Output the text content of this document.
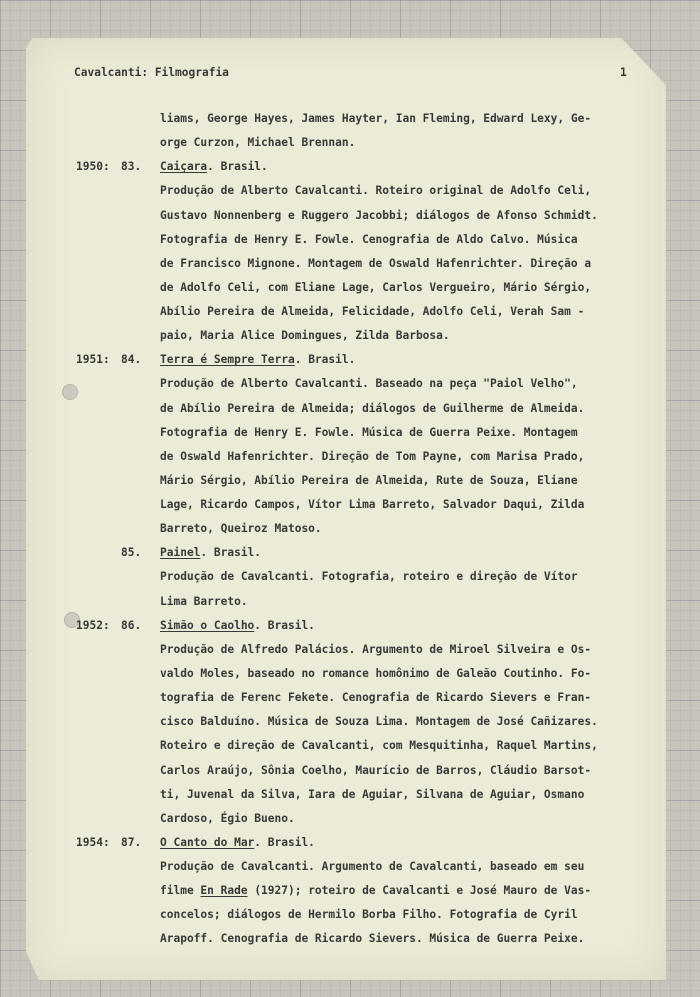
Cavalcanti: Filmografia	1
liams, George Hayes, James Hayter, Ian Fleming, Edward Lexy, Ge-
orge Curzon, Michael Brennan.
1950: 83. Caiçara. Brasil.
Produção de Alberto Cavalcanti. Roteiro original de Adolfo Celi,
Gustavo Nonnenberg e Ruggero Jacobbi; diálogos de Afonso Schmidt.
Fotografia de Henry E. Fowle. Cenografia de Aldo Calvo. Música
de Francisco Mignone. Montagem de Oswald Hafenrichter. Direção a
de Adolfo Celi, com Eliane Lage, Carlos Vergueiro, Mário Sérgio,
Abílio Pereira de Almeida, Felicidade, Adolfo Celi, Verah Sam -
paio, Maria Alice Domingues, Zilda Barbosa.
1951: 84. Terra é Sempre Terra. Brasil.
Produção de Alberto Cavalcanti. Baseado na peça "Paiol Velho",
de Abílio Pereira de Almeida; diálogos de Guilherme de Almeida.
Fotografia de Henry E. Fowle. Música de Guerra Peixe. Montagem
de Oswald Hafenrichter. Direção de Tom Payne, com Marisa Prado,
Mário Sérgio, Abílio Pereira de Almeida, Rute de Souza, Eliane
Lage, Ricardo Campos, Vítor Lima Barreto, Salvador Daqui, Zilda
Barreto, Queiroz Matoso.
85. Painel. Brasil.
Produção de Cavalcanti. Fotografia, roteiro e direção de Vítor
Lima Barreto.
1952: 86. Simão o Caolho. Brasil.
Produção de Alfredo Palácios. Argumento de Miroel Silveira e Os-
valdo Moles, baseado no romance homônimo de Galeão Coutinho. Fo-
tografia de Ferenc Fekete. Cenografia de Ricardo Sievers e Fran-
cisco Balduíno. Música de Souza Lima. Montagem de José Cañizares.
Roteiro e direção de Cavalcanti, com Mesquitinha, Raquel Martins,
Carlos Araújo, Sônia Coelho, Maurício de Barros, Cláudio Barsot-
ti, Juvenal da Silva, Iara de Aguiar, Silvana de Aguiar, Osmano
Cardoso, Égio Bueno.
1954: 87. O Canto do Mar. Brasil.
Produção de Cavalcanti. Argumento de Cavalcanti, baseado em seu
filme En Rade (1927); roteiro de Cavalcanti e José Mauro de Vas-
concelos; diálogos de Hermilo Borba Filho. Fotografia de Cyril
Arapoff. Cenografia de Ricardo Sievers. Música de Guerra Peixe.
